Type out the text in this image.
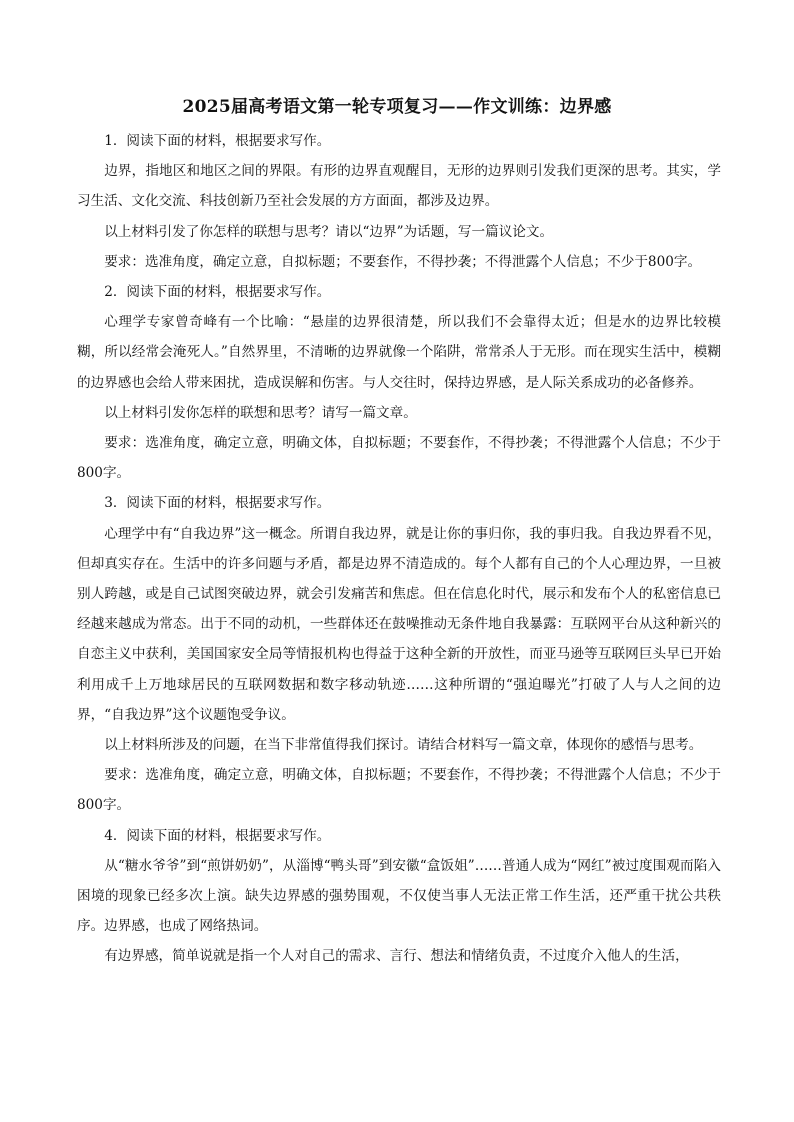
2025届高考语文第一轮专项复习——作文训练：边界感

1．阅读下面的材料，根据要求写作。

边界，指地区和地区之间的界限。有形的边界直观醒目，无形的边界则引发我们更深的思考。其实，学习生活、文化交流、科技创新乃至社会发展的方方面面，都涉及边界。

以上材料引发了你怎样的联想与思考？请以“边界”为话题，写一篇议论文。

要求：选准角度，确定立意，自拟标题；不要套作，不得抄袭；不得泄露个人信息；不少于800字。

2．阅读下面的材料，根据要求写作。

心理学专家曾奇峰有一个比喻：“悬崖的边界很清楚，所以我们不会靠得太近；但是水的边界比较模糊，所以经常会淹死人。”自然界里，不清晰的边界就像一个陷阱，常常杀人于无形。而在现实生活中，模糊的边界感也会给人带来困扰，造成误解和伤害。与人交往时，保持边界感，是人际关系成功的必备修养。

以上材料引发你怎样的联想和思考？请写一篇文章。

要求：选准角度，确定立意，明确文体，自拟标题；不要套作，不得抄袭；不得泄露个人信息；不少于800字。

3．阅读下面的材料，根据要求写作。

心理学中有“自我边界”这一概念。所谓自我边界，就是让你的事归你，我的事归我。自我边界看不见，但却真实存在。生活中的许多问题与矛盾，都是边界不清造成的。每个人都有自己的个人心理边界，一旦被别人跨越，或是自己试图突破边界，就会引发痛苦和焦虑。但在信息化时代，展示和发布个人的私密信息已经越来越成为常态。出于不同的动机，一些群体还在鼓噪推动无条件地自我暴露：互联网平台从这种新兴的自恋主义中获利，美国国家安全局等情报机构也得益于这种全新的开放性，而亚马逊等互联网巨头早已开始利用成千上万地球居民的互联网数据和数字移动轨迹……这种所谓的“强迫曝光”打破了人与人之间的边界，“自我边界”这个议题饱受争议。

以上材料所涉及的问题，在当下非常值得我们探讨。请结合材料写一篇文章，体现你的感悟与思考。

要求：选准角度，确定立意，明确文体，自拟标题；不要套作，不得抄袭；不得泄露个人信息；不少于800字。

4．阅读下面的材料，根据要求写作。

从“糖水爷爷”到“煎饼奶奶”，从淄博“鸭头哥”到安徽“盒饭姐”……普通人成为“网红”被过度围观而陷入困境的现象已经多次上演。缺失边界感的强势围观，不仅使当事人无法正常工作生活，还严重干扰公共秩序。边界感，也成了网络热词。

有边界感，简单说就是指一个人对自己的需求、言行、想法和情绪负责，不过度介入他人的生活，
